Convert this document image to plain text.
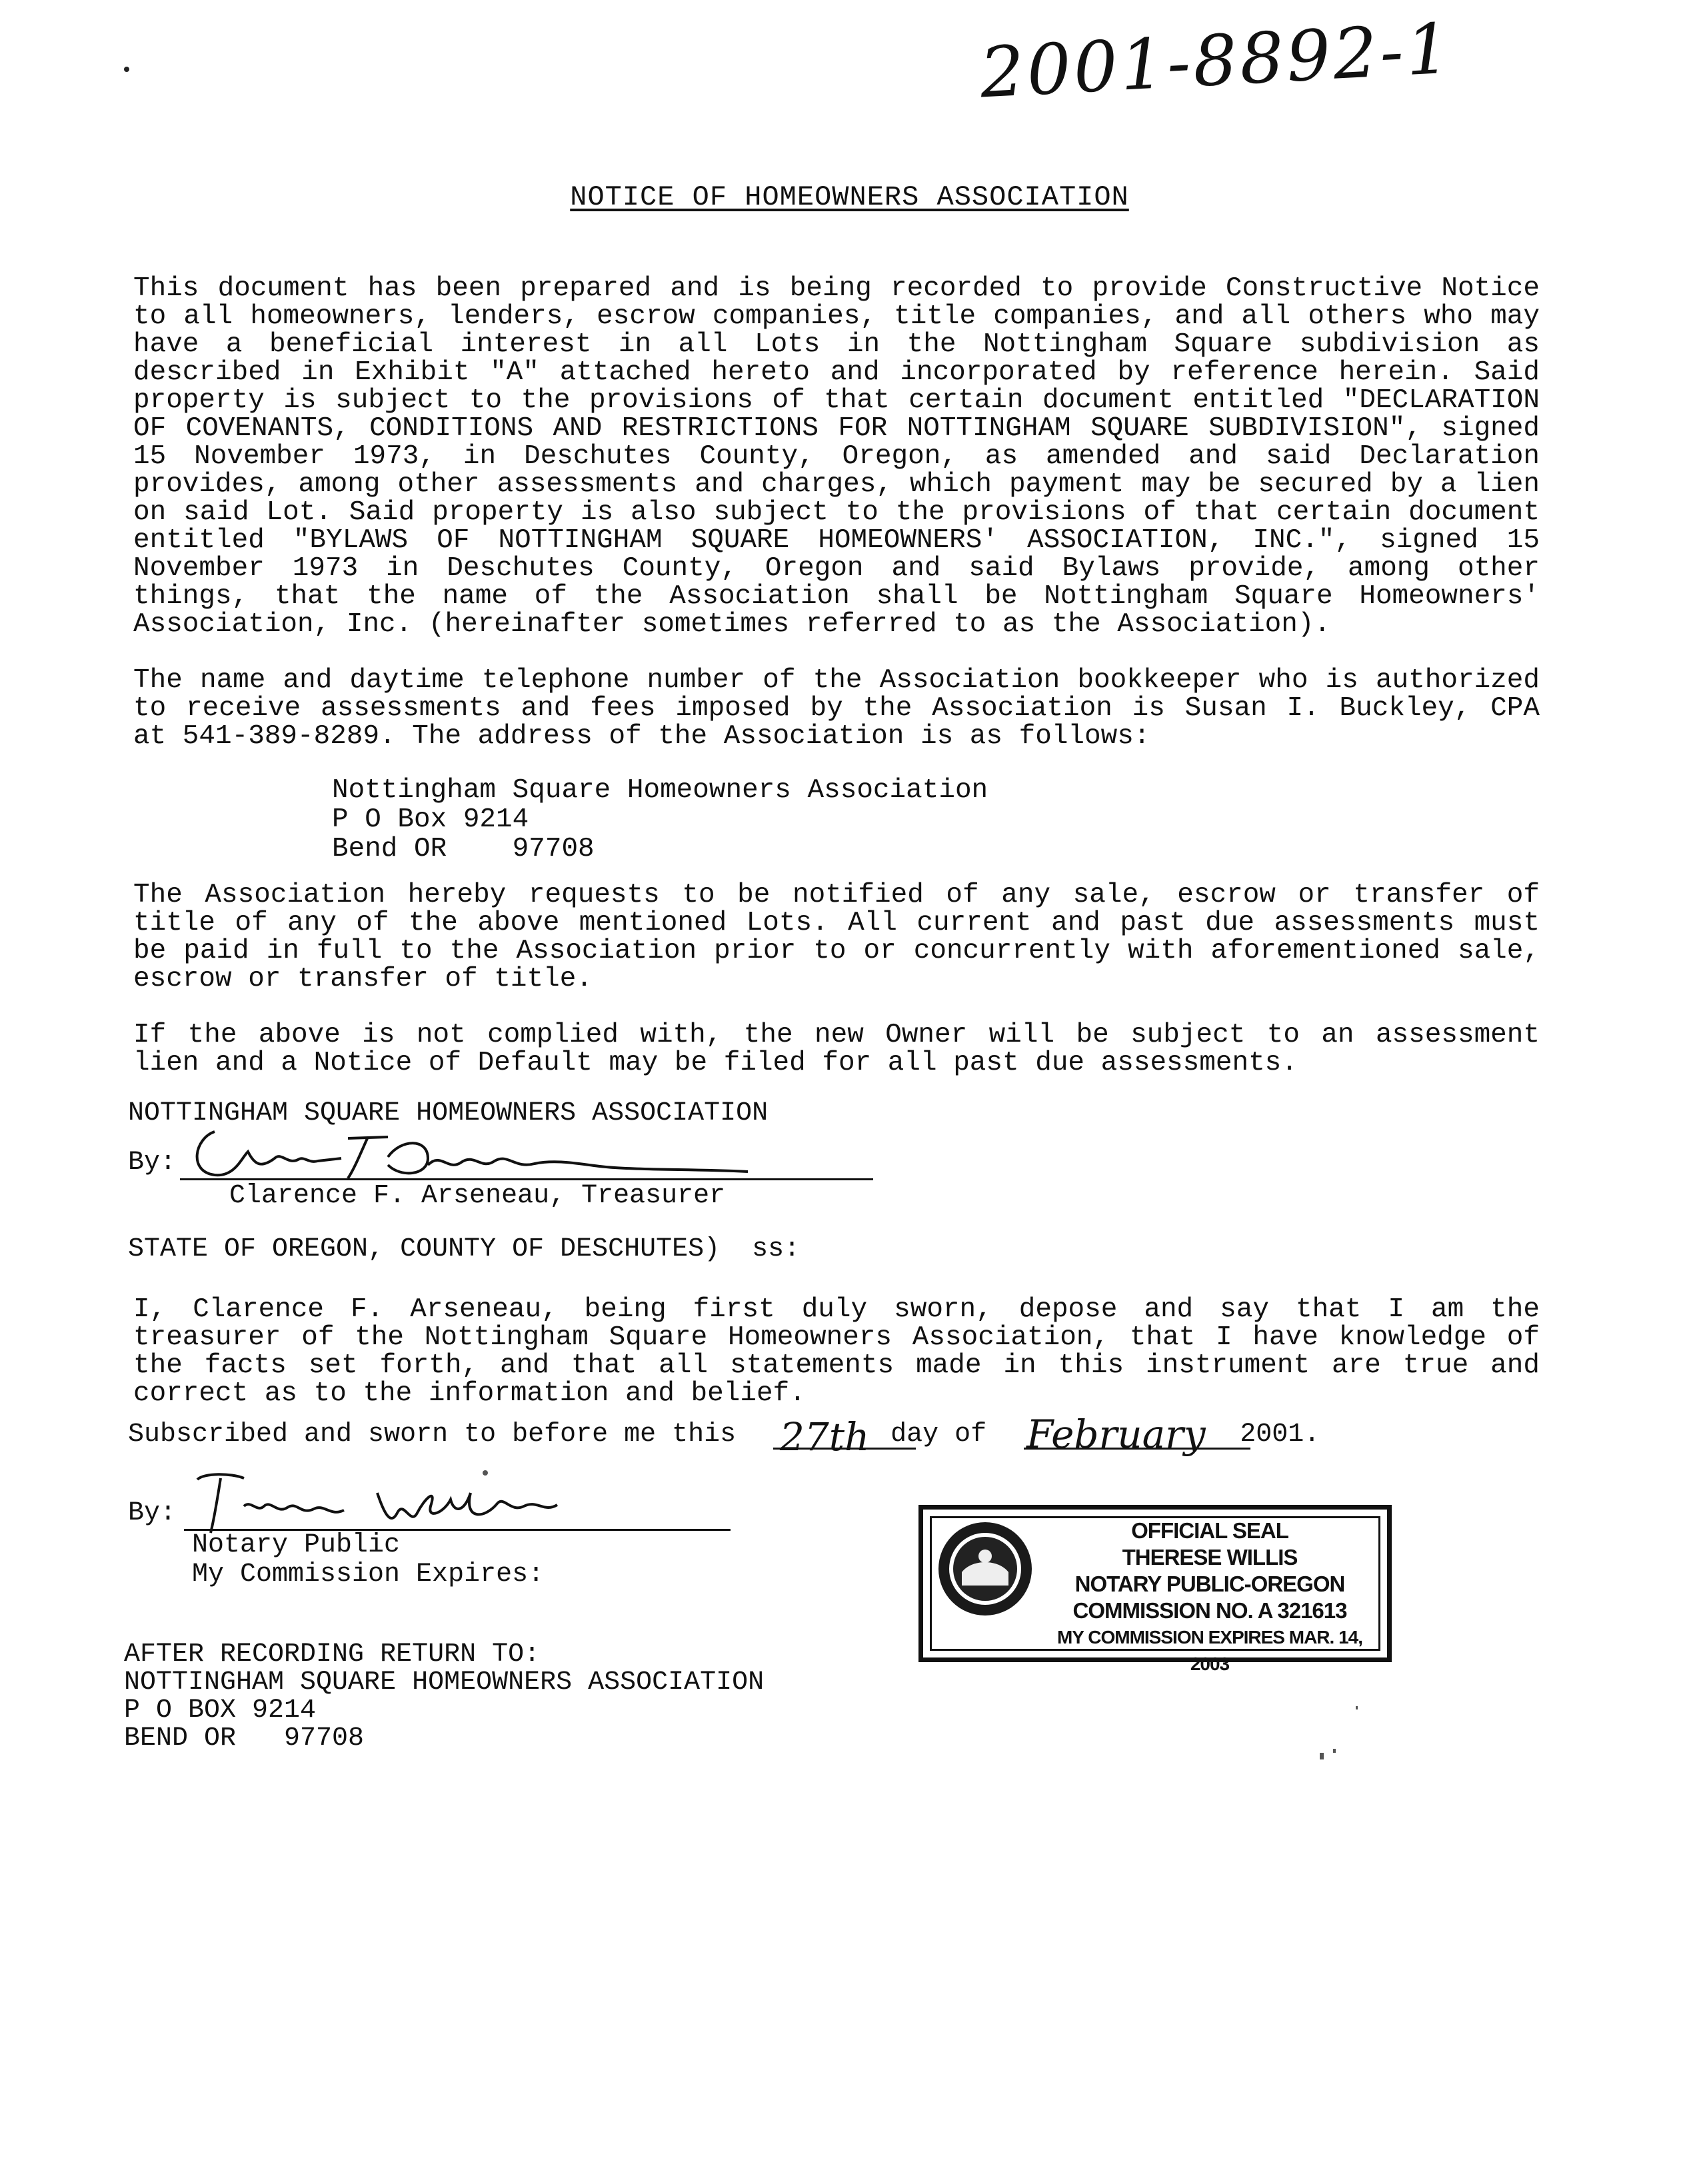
2001-8892-1
NOTICE OF HOMEOWNERS ASSOCIATION
This document has been prepared and is being recorded to provide Constructive Notice to all homeowners, lenders, escrow companies, title companies, and all others who may have a beneficial interest in all Lots in the Nottingham Square subdivision as described in Exhibit "A" attached hereto and incorporated by reference herein. Said property is subject to the provisions of that certain document entitled "DECLARATION OF COVENANTS, CONDITIONS AND RESTRICTIONS FOR NOTTINGHAM SQUARE SUBDIVISION", signed 15 November 1973, in Deschutes County, Oregon, as amended and said Declaration provides, among other assessments and charges, which payment may be secured by a lien on said Lot. Said property is also subject to the provisions of that certain document entitled "BYLAWS OF NOTTINGHAM SQUARE HOMEOWNERS' ASSOCIATION, INC.", signed 15 November 1973 in Deschutes County, Oregon and said Bylaws provide, among other things, that the name of the Association shall be Nottingham Square Homeowners' Association, Inc. (hereinafter sometimes referred to as the Association).
The name and daytime telephone number of the Association bookkeeper who is authorized to receive assessments and fees imposed by the Association is Susan I. Buckley, CPA at 541-389-8289. The address of the Association is as follows:
Nottingham Square Homeowners Association
P O Box 9214
Bend OR    97708
The Association hereby requests to be notified of any sale, escrow or transfer of title of any of the above mentioned Lots. All current and past due assessments must be paid in full to the Association prior to or concurrently with aforementioned sale, escrow or transfer of title.
If the above is not complied with, the new Owner will be subject to an assessment lien and a Notice of Default may be filed for all past due assessments.
NOTTINGHAM SQUARE HOMEOWNERS ASSOCIATION
By:
Clarence F. Arseneau, Treasurer
STATE OF OREGON, COUNTY OF DESCHUTES)  ss:
I, Clarence F. Arseneau, being first duly sworn, depose and say that I am the treasurer of the Nottingham Square Homeowners Association, that I have knowledge of the facts set forth, and that all statements made in this instrument are true and correct as to the information and belief.
Subscribed and sworn to before me this	day of	2001.
27th	February
By:
Notary Public
My Commission Expires:
OFFICIAL SEAL
THERESE WILLIS
NOTARY PUBLIC-OREGON
COMMISSION NO. A 321613
MY COMMISSION EXPIRES MAR. 14, 2003
AFTER RECORDING RETURN TO:
NOTTINGHAM SQUARE HOMEOWNERS ASSOCIATION
P O BOX 9214
BEND OR   97708
